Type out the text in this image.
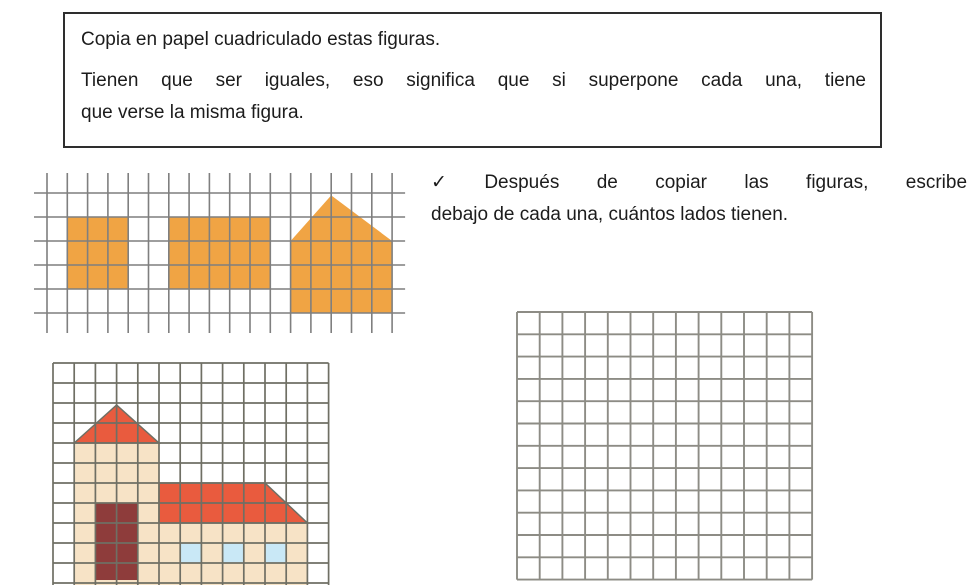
Copia en papel cuadriculado estas figuras.

Tienen que ser iguales, eso significa que si superpone cada una, tiene

que verse la misma figura.

✓ Después de copiar las figuras, escribe
debajo de cada una, cuántos lados tienen.
